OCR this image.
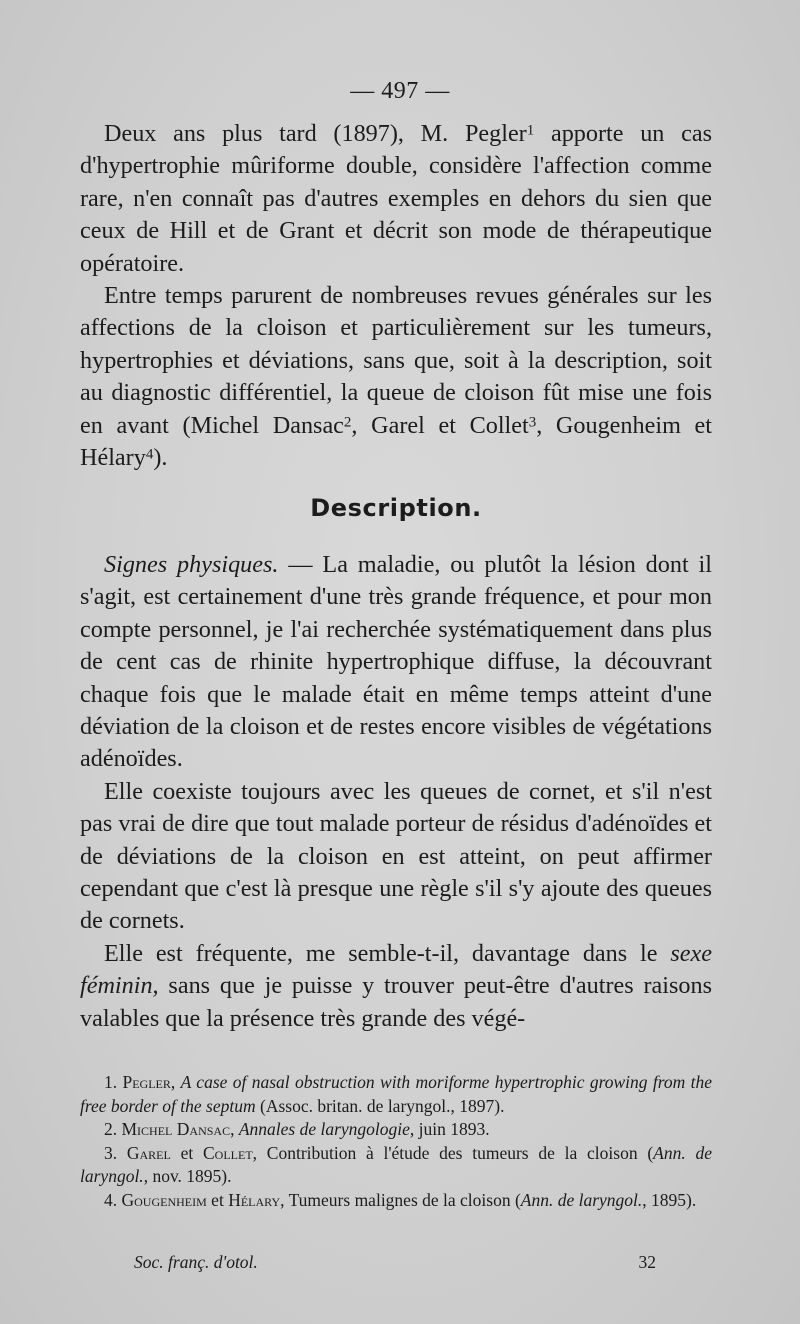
— 497 —

Deux ans plus tard (1897), M. Pegler$^1$ apporte un cas d'hypertrophie mûriforme double, considère l'affection comme rare, n'en connaît pas d'autres exemples en dehors du sien que ceux de Hill et de Grant et décrit son mode de thérapeutique opératoire.

Entre temps parurent de nombreuses revues générales sur les affections de la cloison et particulièrement sur les tumeurs, hypertrophies et déviations, sans que, soit à la description, soit au diagnostic différentiel, la queue de cloison fût mise une fois en avant (Michel Dansac$^2$, Garel et Collet$^3$, Gougenheim et Hélary$^4$).

Description.

Signes physiques. — La maladie, ou plutôt la lésion dont il s'agit, est certainement d'une très grande fréquence, et pour mon compte personnel, je l'ai recherchée systématiquement dans plus de cent cas de rhinite hypertrophique diffuse, la découvrant chaque fois que le malade était en même temps atteint d'une déviation de la cloison et de restes encore visibles de végétations adénoïdes.

Elle coexiste toujours avec les queues de cornet, et s'il n'est pas vrai de dire que tout malade porteur de résidus d'adénoïdes et de déviations de la cloison en est atteint, on peut affirmer cependant que c'est là presque une règle s'il s'y ajoute des queues de cornets.

Elle est fréquente, me semble-t-il, davantage dans le sexe féminin, sans que je puisse y trouver peut-être d'autres raisons valables que la présence très grande des végé-

1. Pegler, A case of nasal obstruction with moriforme hypertrophic growing from the free border of the septum (Assoc. britan. de laryngol., 1897).

2. Michel Dansac, Annales de laryngologie, juin 1893.

3. Garel et Collet, Contribution à l'étude des tumeurs de la cloison (Ann. de laryngol., nov. 1895).

4. Gougenheim et Hélary, Tumeurs malignes de la cloison (Ann. de laryngol., 1895).

Soc. franç. d'otol.	32
